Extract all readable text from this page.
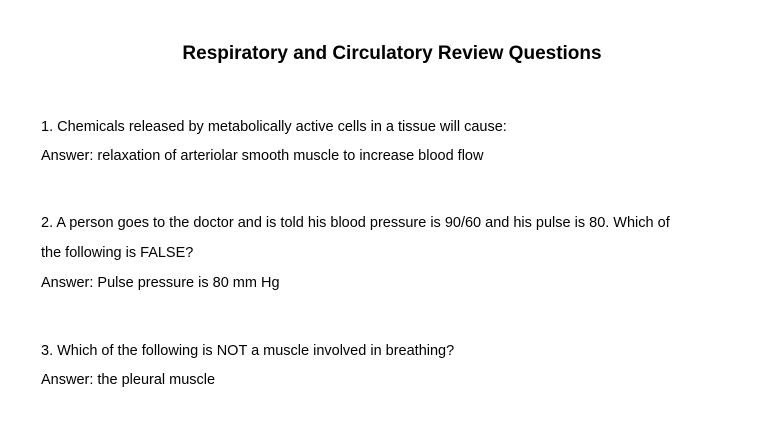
Respiratory and Circulatory Review Questions
1. Chemicals released by metabolically active cells in a tissue will cause:
Answer: relaxation of arteriolar smooth muscle to increase blood flow
2. A person goes to the doctor and is told his blood pressure is 90/60 and his pulse is 80. Which of
the following is FALSE?
Answer: Pulse pressure is 80 mm Hg
3. Which of the following is NOT a muscle involved in breathing?
Answer: the pleural muscle
